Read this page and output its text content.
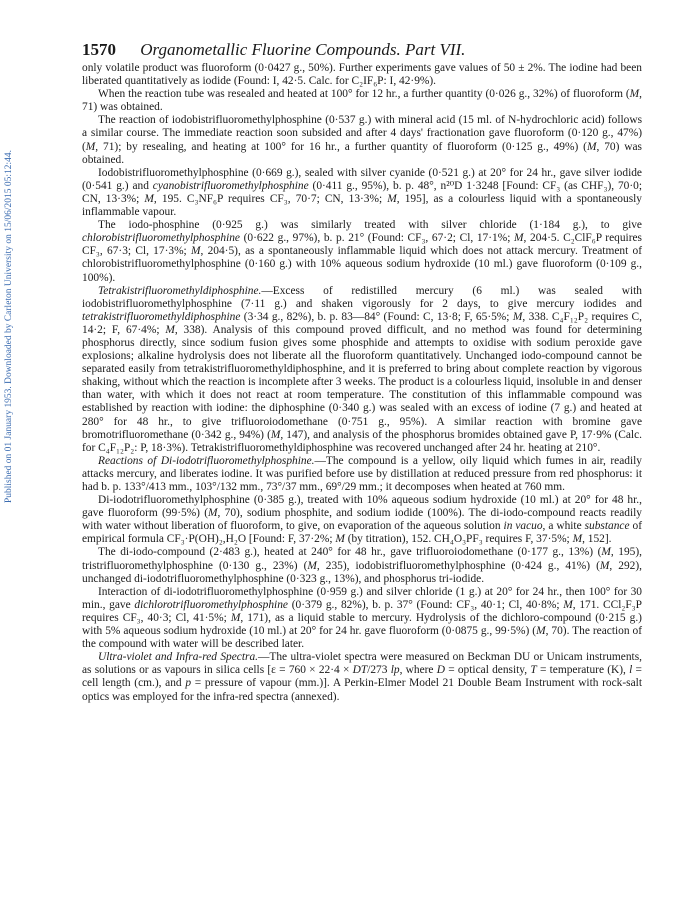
Published on 01 January 1953. Downloaded by Carleton University on 15/06/2015 05:12:44.
1570 Organometallic Fluorine Compounds. Part VII.

only volatile product was fluoroform (0·0427 g., 50%). Further experiments gave values of 50 ± 2%. The iodine had been liberated quantitatively as iodide (Found: I, 42·5. Calc. for C₂IF₆P: I, 42·9%).

When the reaction tube was resealed and heated at 100° for 12 hr., a further quantity (0·026 g., 32%) of fluoroform (M, 71) was obtained.

The reaction of iodobistrifluoromethylphosphine (0·537 g.) with mineral acid (15 ml. of N-hydrochloric acid) follows a similar course. The immediate reaction soon subsided and after 4 days' fractionation gave fluoroform (0·120 g., 47%) (M, 71); by resealing, and heating at 100° for 16 hr., a further quantity of fluoroform (0·125 g., 49%) (M, 70) was obtained.

Iodobistrifluoromethylphosphine (0·669 g.), sealed with silver cyanide (0·521 g.) at 20° for 24 hr., gave silver iodide (0·541 g.) and cyanobistrifluoromethylphosphine (0·411 g., 95%), b. p. 48°, n²⁰D 1·3248 [Found: CF₃ (as CHF₃), 70·0; CN, 13·3%; M, 195. C₃NF₆P requires CF₃, 70·7; CN, 13·3%; M, 195], as a colourless liquid with a spontaneously inflammable vapour.

The iodo-phosphine (0·925 g.) was similarly treated with silver chloride (1·184 g.), to give chlorobistrifluoromethylphosphine (0·622 g., 97%), b. p. 21° (Found: CF₃, 67·2; Cl, 17·1%; M, 204·5. C₂ClF₆P requires CF₃, 67·3; Cl, 17·3%; M, 204·5), as a spontaneously inflammable liquid which does not attack mercury. Treatment of chlorobistrifluoromethylphosphine (0·160 g.) with 10% aqueous sodium hydroxide (10 ml.) gave fluoroform (0·109 g., 100%).

Tetrakistrifluoromethyldiphosphine.—Excess of redistilled mercury (6 ml.) was sealed with iodobistrifluoromethylphosphine (7·11 g.) and shaken vigorously for 2 days, to give mercury iodides and tetrakistrifluoromethyldiphosphine (3·34 g., 82%), b. p. 83—84° (Found: C, 13·8; F, 65·5%; M, 338. C₄F₁₂P₂ requires C, 14·2; F, 67·4%; M, 338). Analysis of this compound proved difficult, and no method was found for determining phosphorus directly, since sodium fusion gives some phosphide and attempts to oxidise with sodium peroxide gave explosions; alkaline hydrolysis does not liberate all the fluoroform quantitatively. Unchanged iodo-compound cannot be separated easily from tetrakistrifluoromethyldiphosphine, and it is preferred to bring about complete reaction by vigorous shaking, without which the reaction is incomplete after 3 weeks. The product is a colourless liquid, insoluble in and denser than water, with which it does not react at room temperature. The constitution of this inflammable compound was established by reaction with iodine: the diphosphine (0·340 g.) was sealed with an excess of iodine (7 g.) and heated at 280° for 48 hr., to give trifluoroiodomethane (0·751 g., 95%). A similar reaction with bromine gave bromotrifluoromethane (0·342 g., 94%) (M, 147), and analysis of the phosphorus bromides obtained gave P, 17·9% (Calc. for C₄F₁₂P₂: P, 18·3%). Tetrakistrifluoromethyldiphosphine was recovered unchanged after 24 hr. heating at 210°.

Reactions of Di-iodotrifluoromethylphosphine.—The compound is a yellow, oily liquid which fumes in air, readily attacks mercury, and liberates iodine. It was purified before use by distillation at reduced pressure from red phosphorus: it had b. p. 133°/413 mm., 103°/132 mm., 73°/37 mm., 69°/29 mm.; it decomposes when heated at 760 mm.

Di-iodotrifluoromethylphosphine (0·385 g.), treated with 10% aqueous sodium hydroxide (10 ml.) at 20° for 48 hr., gave fluoroform (99·5%) (M, 70), sodium phosphite, and sodium iodide (100%). The di-iodo-compound reacts readily with water without liberation of fluoroform, to give, on evaporation of the aqueous solution in vacuo, a white substance of empirical formula CF₃·P(OH)₂,H₂O [Found: F, 37·2%; M (by titration), 152. CH₄O₃PF₃ requires F, 37·5%; M, 152].

The di-iodo-compound (2·483 g.), heated at 240° for 48 hr., gave trifluoroiodomethane (0·177 g., 13%) (M, 195), tristrifluoromethylphosphine (0·130 g., 23%) (M, 235), iodobistrifluoromethylphosphine (0·424 g., 41%) (M, 292), unchanged di-iodotrifluoromethylphosphine (0·323 g., 13%), and phosphorus tri-iodide.

Interaction of di-iodotrifluoromethylphosphine (0·959 g.) and silver chloride (1 g.) at 20° for 24 hr., then 100° for 30 min., gave dichlorotrifluoromethylphosphine (0·379 g., 82%), b. p. 37° (Found: CF₃, 40·1; Cl, 40·8%; M, 171. CCl₂F₃P requires CF₃, 40·3; Cl, 41·5%; M, 171), as a liquid stable to mercury. Hydrolysis of the dichloro-compound (0·215 g.) with 5% aqueous sodium hydroxide (10 ml.) at 20° for 24 hr. gave fluoroform (0·0875 g., 99·5%) (M, 70). The reaction of the compound with water will be described later.

Ultra-violet and Infra-red Spectra.—The ultra-violet spectra were measured on Beckman DU or Unicam instruments, as solutions or as vapours in silica cells [ε = 760 × 22·4 × DT/273 lp, where D = optical density, T = temperature (K), l = cell length (cm.), and p = pressure of vapour (mm.)]. A Perkin-Elmer Model 21 Double Beam Instrument with rock-salt optics was employed for the infra-red spectra (annexed).
